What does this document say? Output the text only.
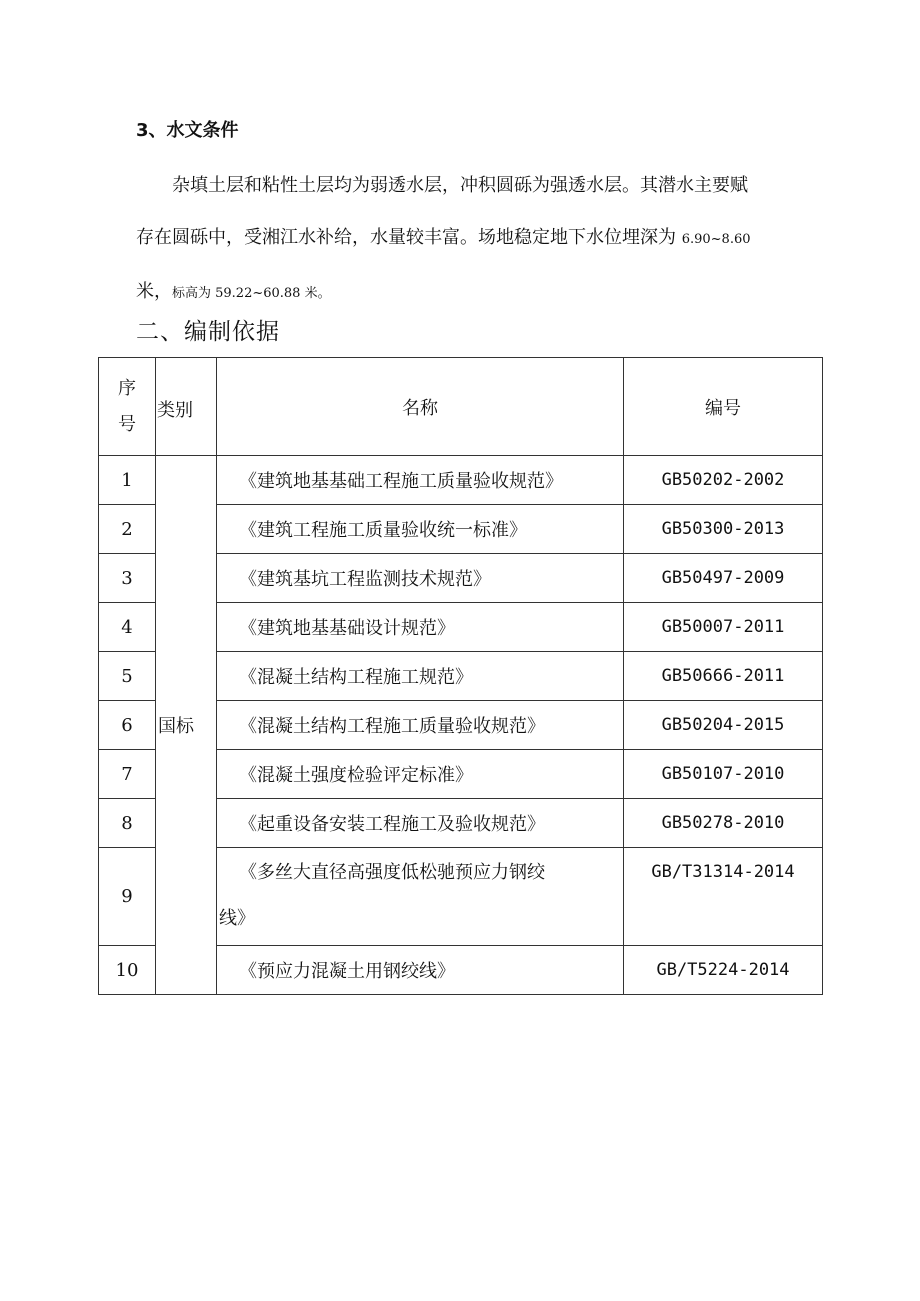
3、水文条件
杂填土层和粘性土层均为弱透水层，冲积圆砾为强透水层。其潜水主要赋
存在圆砾中，受湘江水补给，水量较丰富。场地稳定地下水位埋深为 6.90~8.60
米，标高为 59.22~60.88 米。
二、编制依据
序
号	类别	名称	编号
1	国标	《建筑地基基础工程施工质量验收规范》	GB50202-2002
2		《建筑工程施工质量验收统一标准》	GB50300-2013
3		《建筑基坑工程监测技术规范》	GB50497-2009
4		《建筑地基基础设计规范》	GB50007-2011
5		《混凝土结构工程施工规范》	GB50666-2011
6		《混凝土结构工程施工质量验收规范》	GB50204-2015
7		《混凝土强度检验评定标准》	GB50107-2010
8		《起重设备安装工程施工及验收规范》	GB50278-2010
9		《多丝大直径高强度低松驰预应力钢绞
线》	GB/T31314-2014
10		《预应力混凝土用钢绞线》	GB/T5224-2014
